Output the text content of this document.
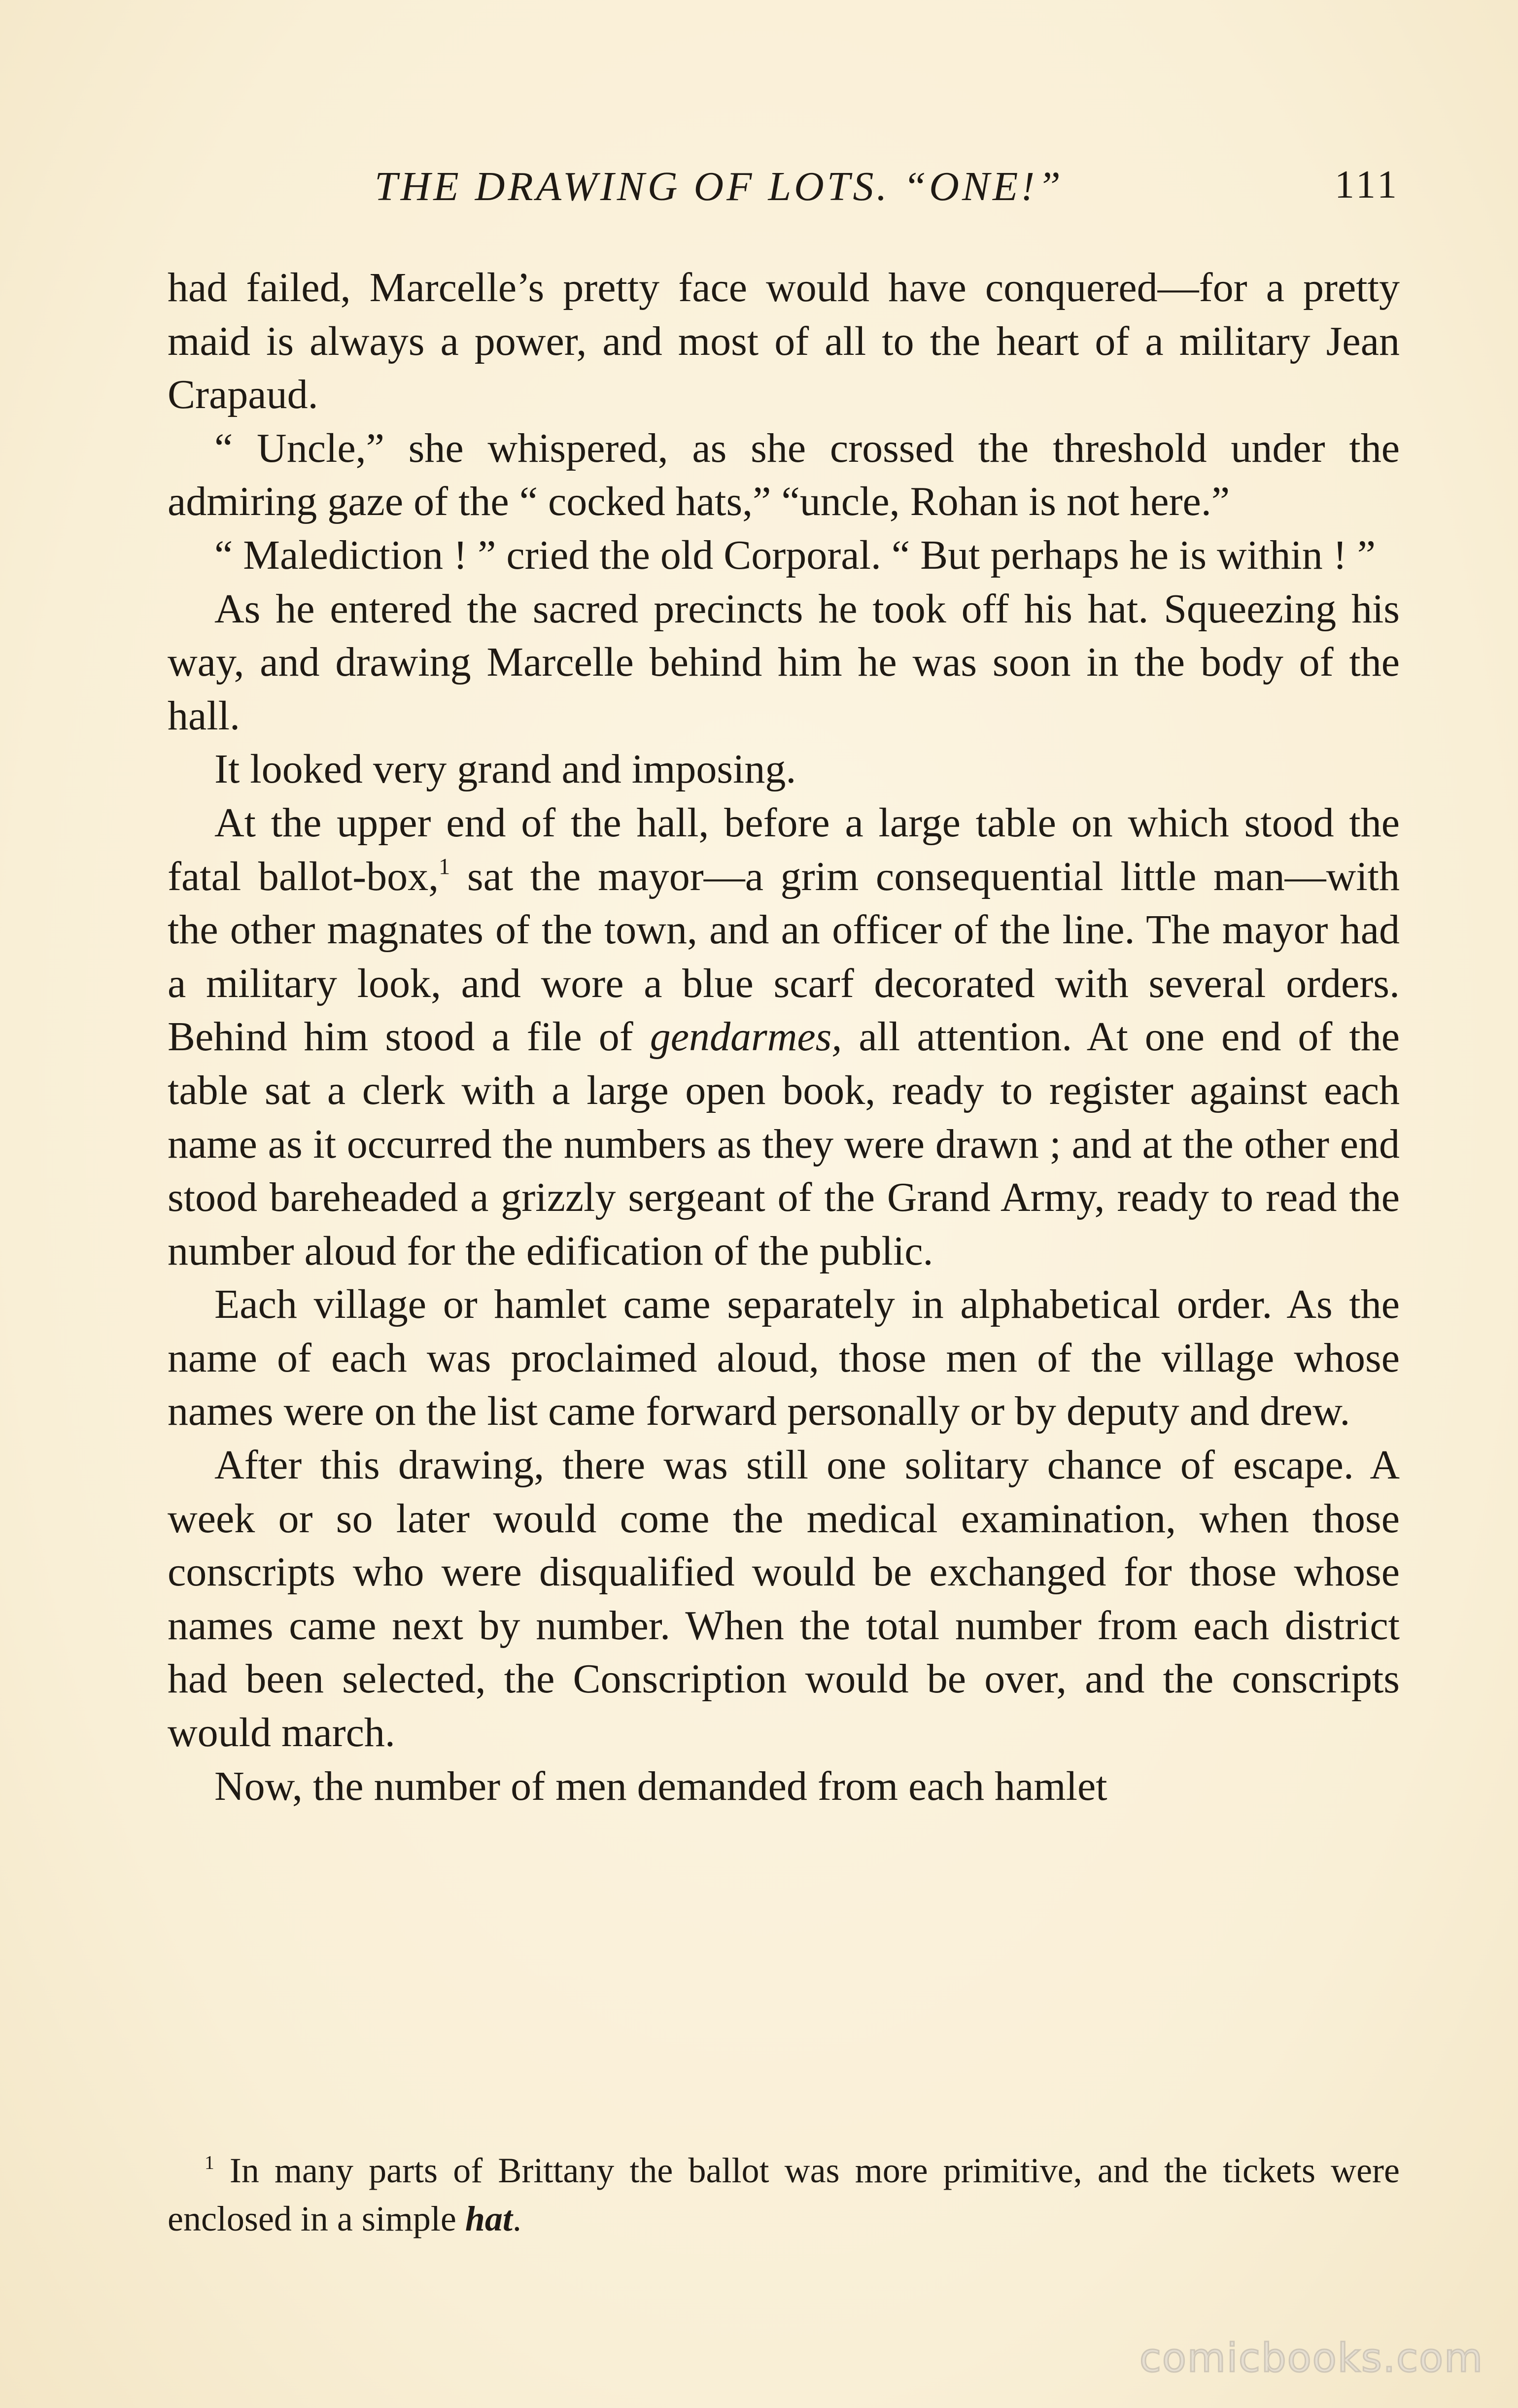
THE DRAWING OF LOTS. “ONE!”	111

had failed, Marcelle’s pretty face would have conquered—for a pretty maid is always a power, and most of all to the heart of a military Jean Crapaud.

“ Uncle,” she whispered, as she crossed the threshold under the admiring gaze of the “ cocked hats,” “uncle, Rohan is not here.”

“ Malediction ! ” cried the old Corporal. “ But perhaps he is within ! ”

As he entered the sacred precincts he took off his hat. Squeezing his way, and drawing Marcelle behind him he was soon in the body of the hall.

It looked very grand and imposing.

At the upper end of the hall, before a large table on which stood the fatal ballot-box,$^1$ sat the mayor—a grim consequential little man—with the other magnates of the town, and an officer of the line. The mayor had a military look, and wore a blue scarf decorated with several orders. Behind him stood a file of gendarmes, all attention. At one end of the table sat a clerk with a large open book, ready to register against each name as it occurred the numbers as they were drawn ; and at the other end stood bareheaded a grizzly sergeant of the Grand Army, ready to read the number aloud for the edification of the public.

Each village or hamlet came separately in alphabetical order. As the name of each was proclaimed aloud, those men of the village whose names were on the list came forward personally or by deputy and drew.

After this drawing, there was still one solitary chance of escape. A week or so later would come the medical examination, when those conscripts who were disqualified would be exchanged for those whose names came next by number. When the total number from each district had been selected, the Conscription would be over, and the conscripts would march.

Now, the number of men demanded from each hamlet

$^1$ In many parts of Brittany the ballot was more primitive, and the tickets were enclosed in a simple hat.
comicbooks.com
